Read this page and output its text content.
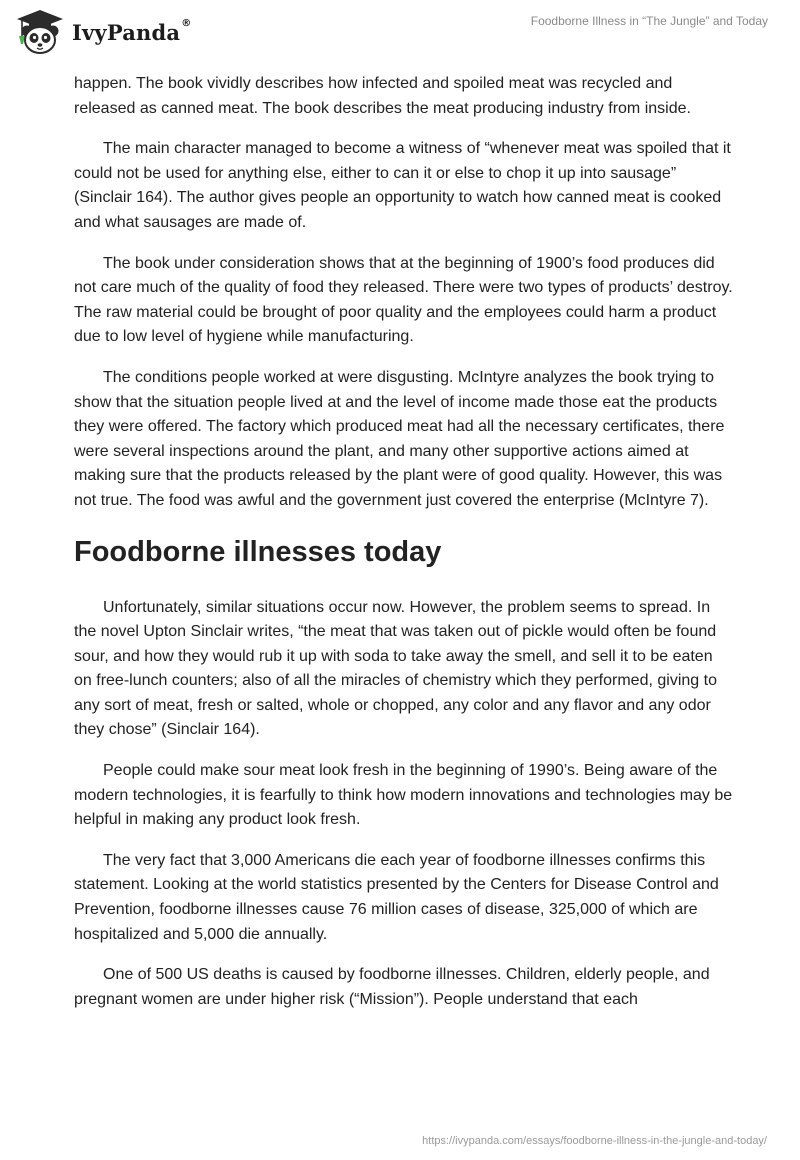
IvyPanda®	Foodborne Illness in “The Jungle” and Today

happen. The book vividly describes how infected and spoiled meat was recycled and released as canned meat. The book describes the meat producing industry from inside.

The main character managed to become a witness of “whenever meat was spoiled that it could not be used for anything else, either to can it or else to chop it up into sausage” (Sinclair 164). The author gives people an opportunity to watch how canned meat is cooked and what sausages are made of.

The book under consideration shows that at the beginning of 1900’s food produces did not care much of the quality of food they released. There were two types of products’ destroy. The raw material could be brought of poor quality and the employees could harm a product due to low level of hygiene while manufacturing.

The conditions people worked at were disgusting. McIntyre analyzes the book trying to show that the situation people lived at and the level of income made those eat the products they were offered. The factory which produced meat had all the necessary certificates, there were several inspections around the plant, and many other supportive actions aimed at making sure that the products released by the plant were of good quality. However, this was not true. The food was awful and the government just covered the enterprise (McIntyre 7).

Foodborne illnesses today

Unfortunately, similar situations occur now. However, the problem seems to spread. In the novel Upton Sinclair writes, “the meat that was taken out of pickle would often be found sour, and how they would rub it up with soda to take away the smell, and sell it to be eaten on free-lunch counters; also of all the miracles of chemistry which they performed, giving to any sort of meat, fresh or salted, whole or chopped, any color and any flavor and any odor they chose” (Sinclair 164).

People could make sour meat look fresh in the beginning of 1990’s. Being aware of the modern technologies, it is fearfully to think how modern innovations and technologies may be helpful in making any product look fresh.

The very fact that 3,000 Americans die each year of foodborne illnesses confirms this statement. Looking at the world statistics presented by the Centers for Disease Control and Prevention, foodborne illnesses cause 76 million cases of disease, 325,000 of which are hospitalized and 5,000 die annually.

One of 500 US deaths is caused by foodborne illnesses. Children, elderly people, and pregnant women are under higher risk (“Mission”). People understand that each

https://ivypanda.com/essays/foodborne-illness-in-the-jungle-and-today/
